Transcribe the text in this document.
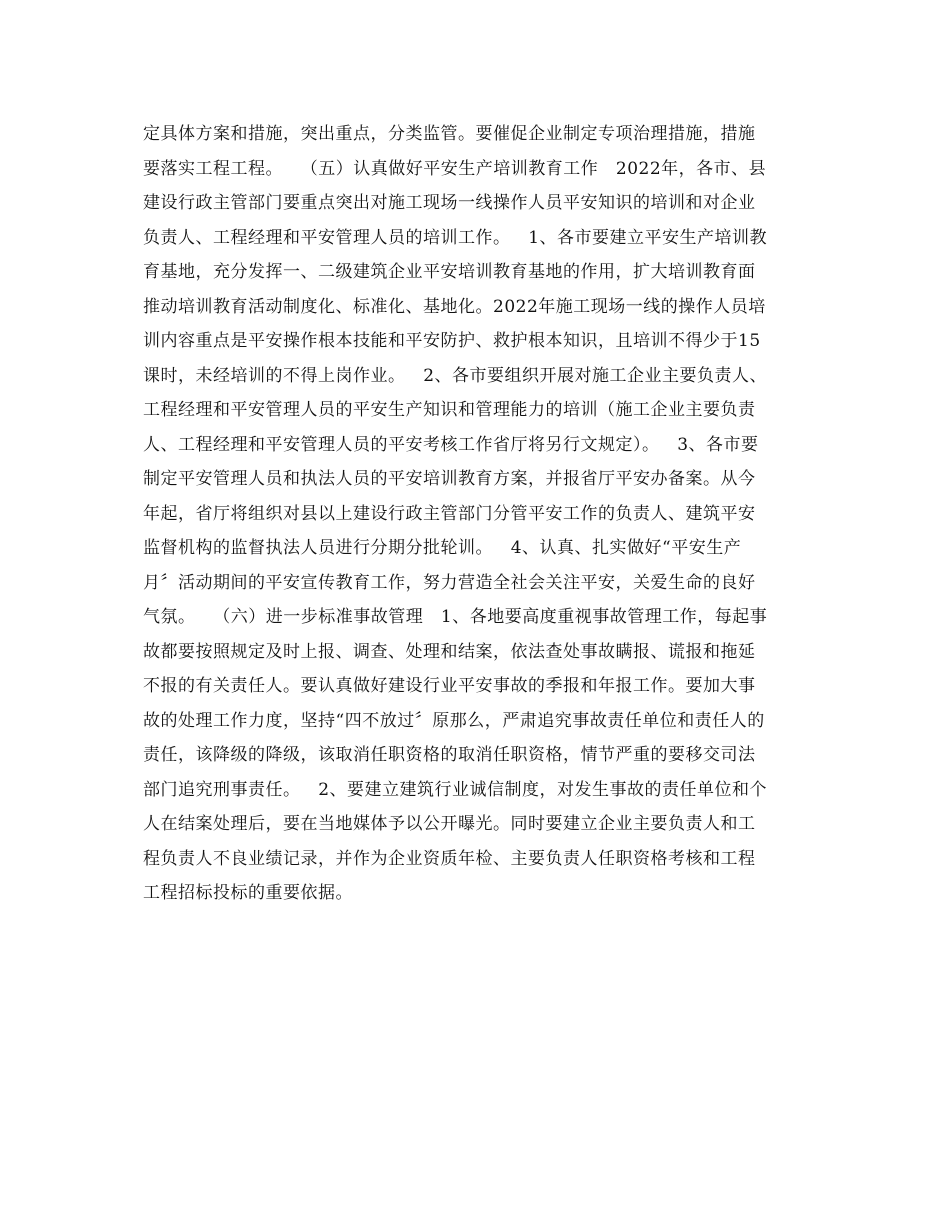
定具体方案和措施，突出重点，分类监管。要催促企业制定专项治理措施，措施
要落实工程工程。   （五）认真做好平安生产培训教育工作   2022年，各市、县
建设行政主管部门要重点突出对施工现场一线操作人员平安知识的培训和对企业
负责人、工程经理和平安管理人员的培训工作。   1、各市要建立平安生产培训教
育基地，充分发挥一、二级建筑企业平安培训教育基地的作用，扩大培训教育面
推动培训教育活动制度化、标准化、基地化。2022年施工现场一线的操作人员培
训内容重点是平安操作根本技能和平安防护、救护根本知识，且培训不得少于15
课时，未经培训的不得上岗作业。   2、各市要组织开展对施工企业主要负责人、
工程经理和平安管理人员的平安生产知识和管理能力的培训（施工企业主要负责
人、工程经理和平安管理人员的平安考核工作省厅将另行文规定）。   3、各市要
制定平安管理人员和执法人员的平安培训教育方案，并报省厅平安办备案。从今
年起，省厅将组织对县以上建设行政主管部门分管平安工作的负责人、建筑平安
监督机构的监督执法人员进行分期分批轮训。   4、认真、扎实做好“平安生产
月〞活动期间的平安宣传教育工作，努力营造全社会关注平安，关爱生命的良好
气氛。   （六）进一步标准事故管理   1、各地要高度重视事故管理工作，每起事
故都要按照规定及时上报、调查、处理和结案，依法查处事故瞒报、谎报和拖延
不报的有关责任人。要认真做好建设行业平安事故的季报和年报工作。要加大事
故的处理工作力度，坚持“四不放过〞原那么，严肃追究事故责任单位和责任人的
责任，该降级的降级，该取消任职资格的取消任职资格，情节严重的要移交司法
部门追究刑事责任。   2、要建立建筑行业诚信制度，对发生事故的责任单位和个
人在结案处理后，要在当地媒体予以公开曝光。同时要建立企业主要负责人和工
程负责人不良业绩记录，并作为企业资质年检、主要负责人任职资格考核和工程
工程招标投标的重要依据。
